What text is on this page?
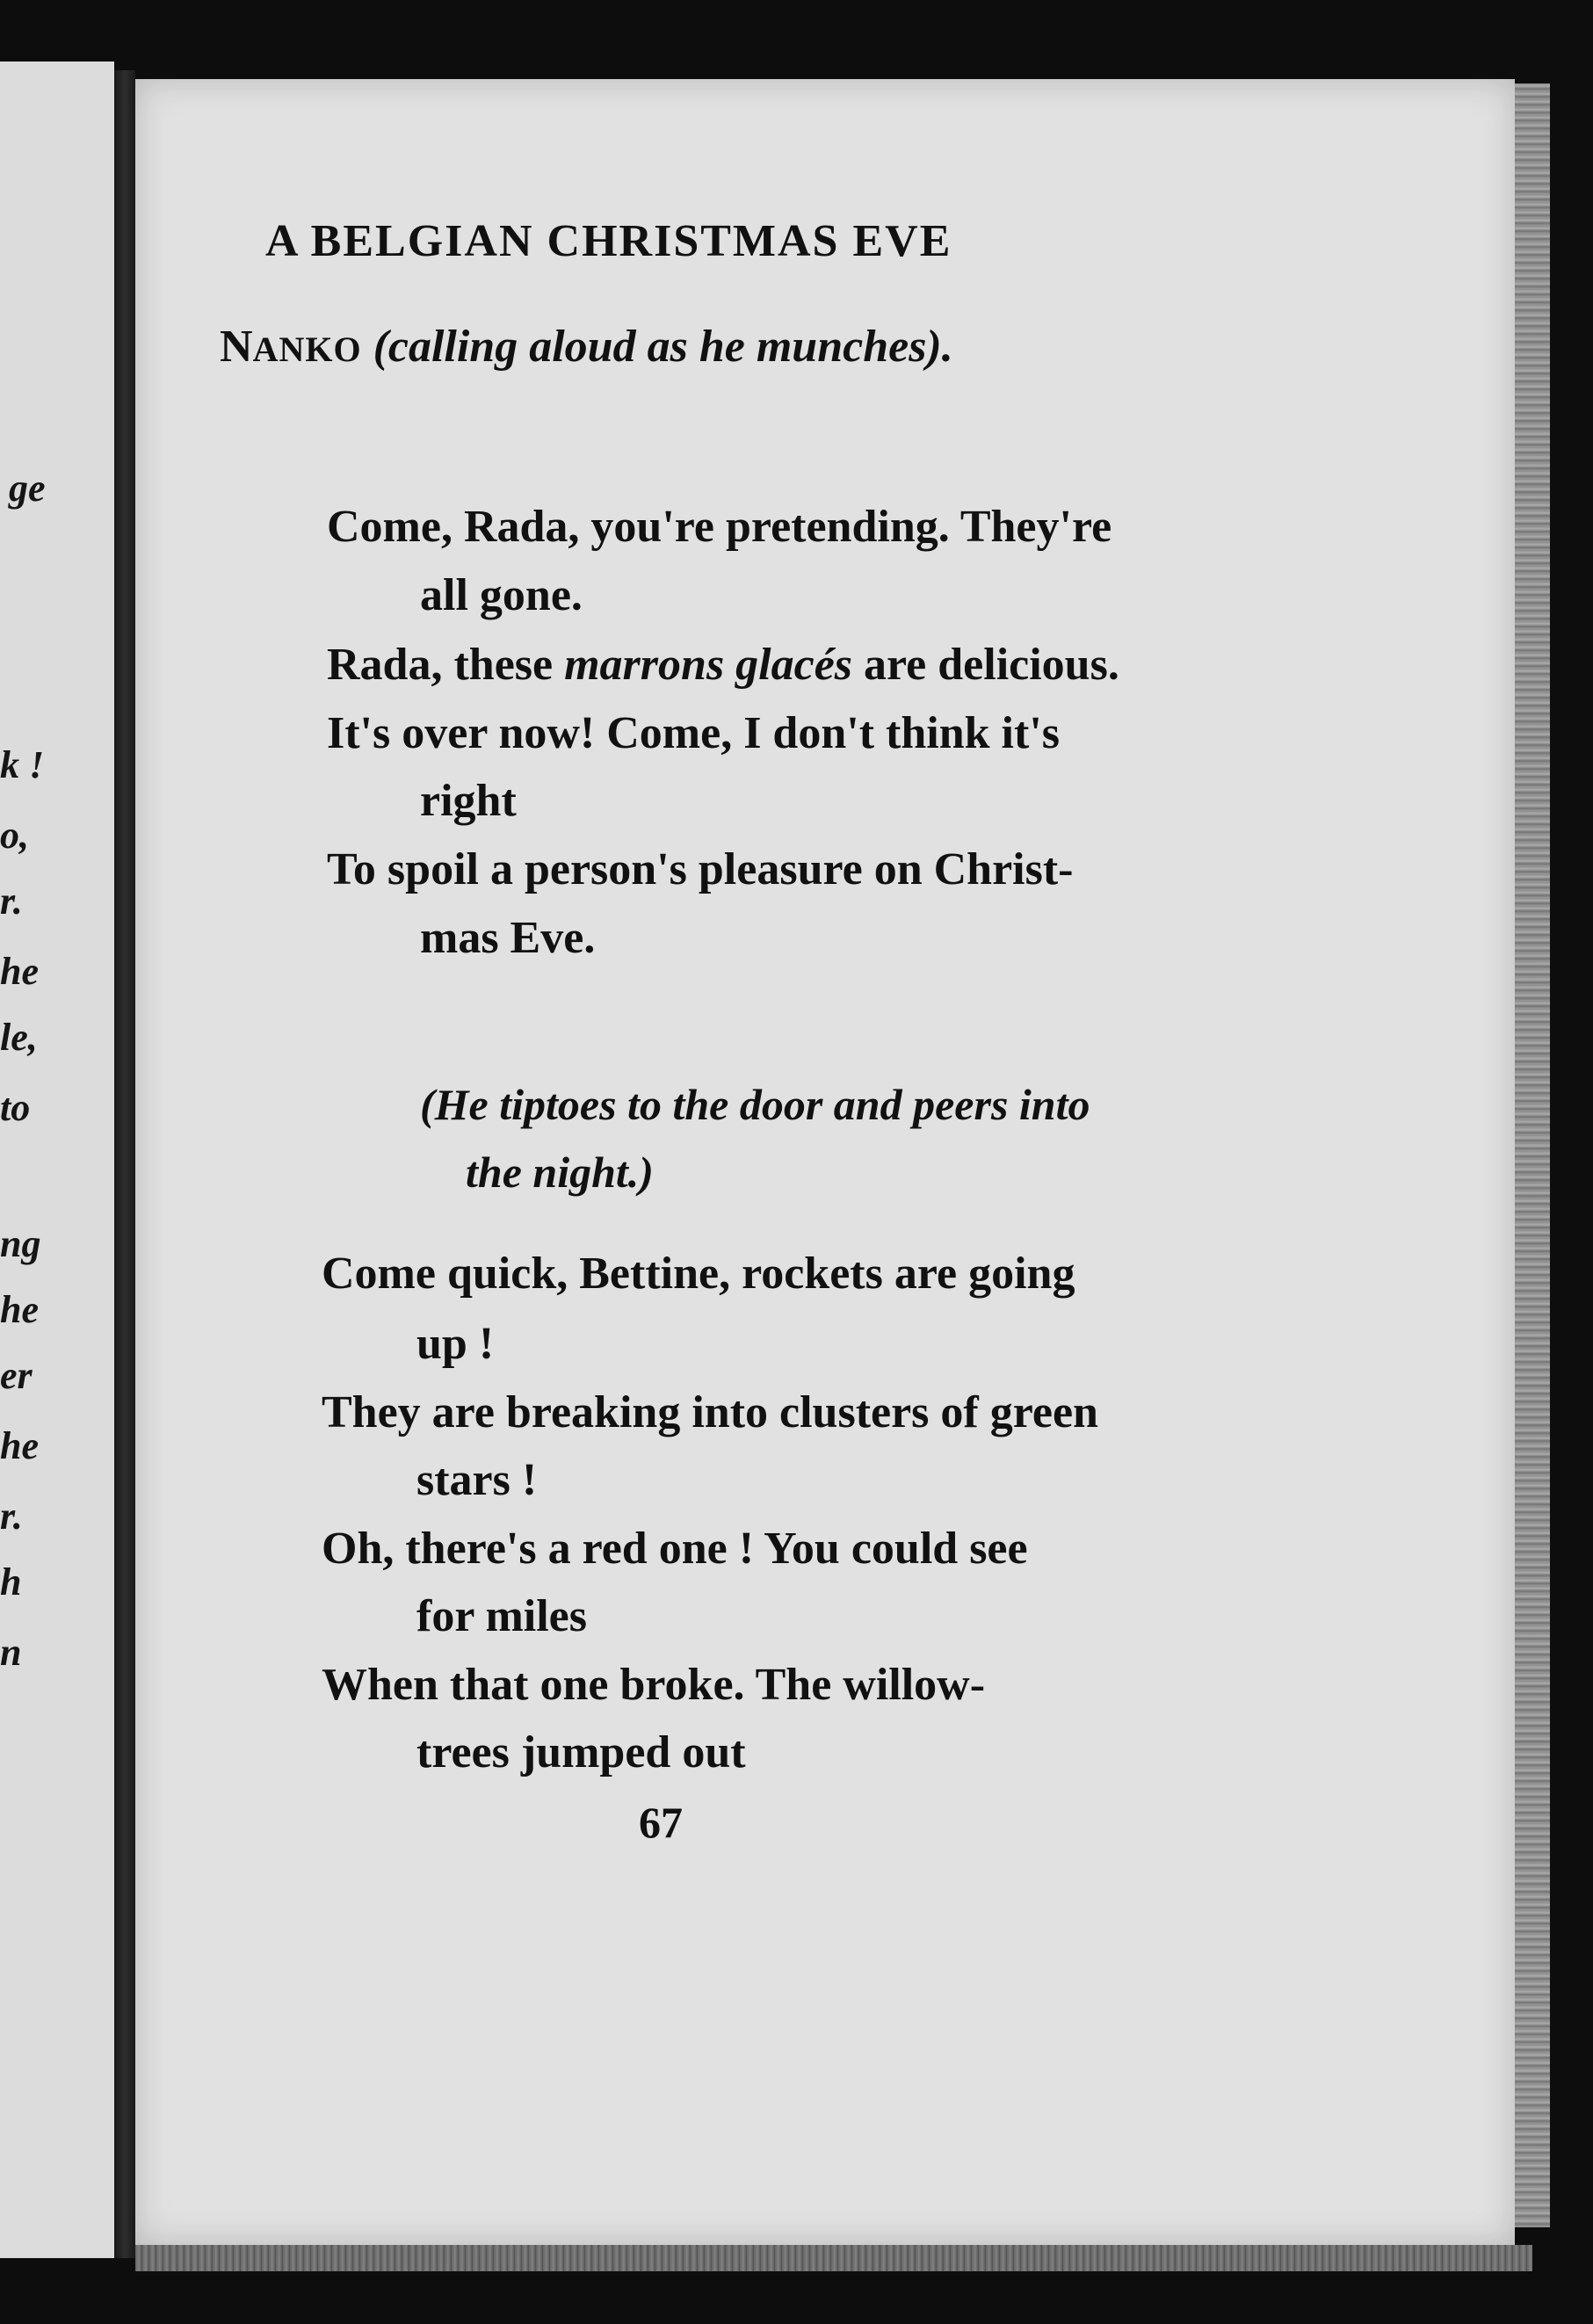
ge
k !
o,
r.
he
le,
to
ng
he
er
he
r.
h
n
A BELGIAN CHRISTMAS EVE
NANKO (calling aloud as he munches).
Come, Rada, you're pretending. They're
all gone.
Rada, these marrons glacés are delicious.
It's over now! Come, I don't think it's
right
To spoil a person's pleasure on Christ-
mas Eve.
(He tiptoes to the door and peers into
the night.)
Come quick, Bettine, rockets are going
up !
They are breaking into clusters of green
stars !
Oh, there's a red one ! You could see
for miles
When that one broke. The willow-
trees jumped out
67
